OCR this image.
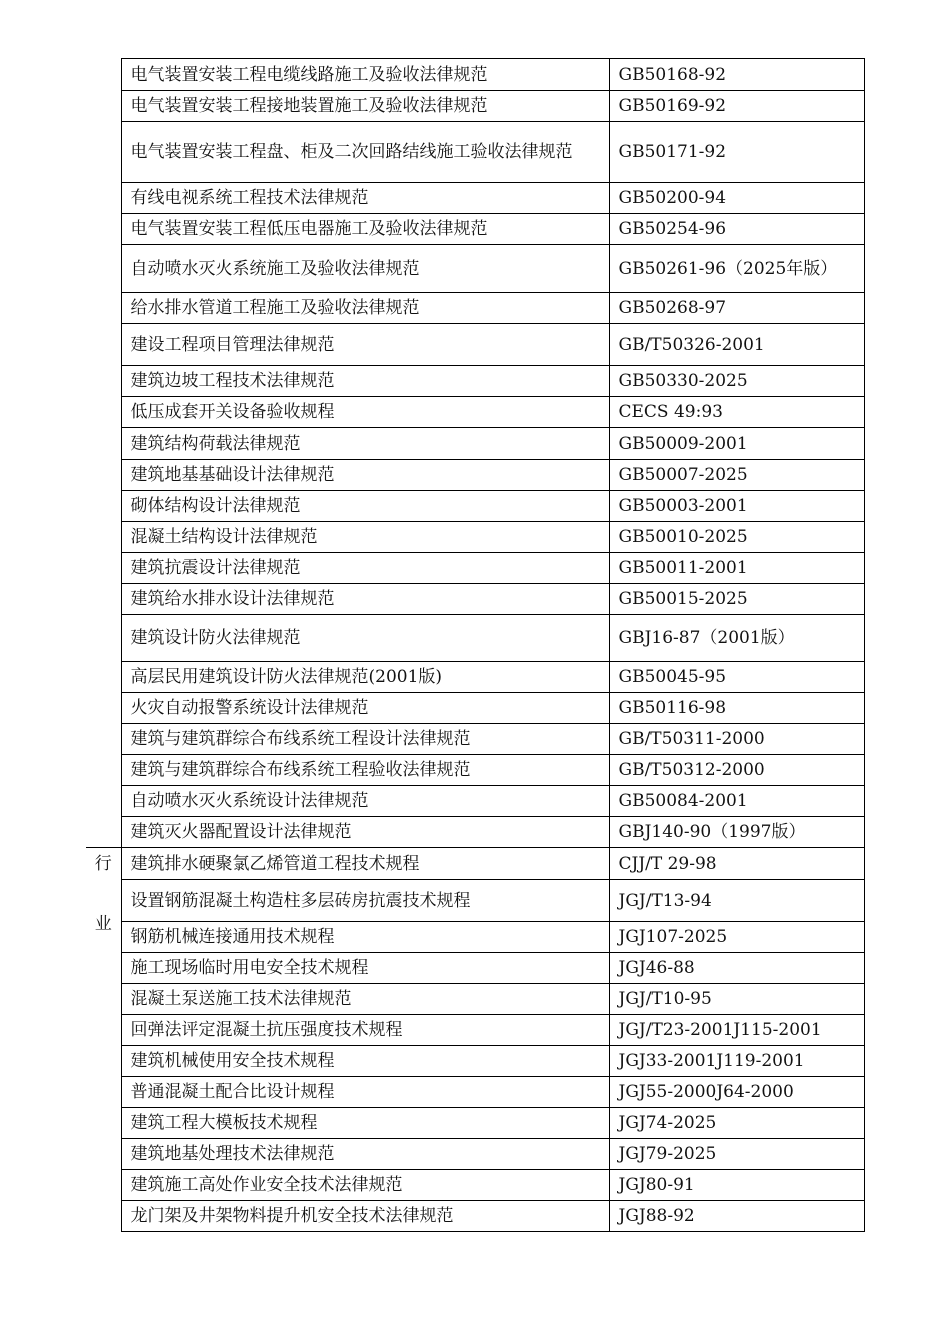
	电气装置安装工程电缆线路施工及验收法律规范	GB50168-92
	电气装置安装工程接地装置施工及验收法律规范	GB50169-92
	电气装置安装工程盘、柜及二次回路结线施工验收法律规范	GB50171-92
	有线电视系统工程技术法律规范	GB50200-94
	电气装置安装工程低压电器施工及验收法律规范	GB50254-96
	自动喷水灭火系统施工及验收法律规范	GB50261-96（2025年版）
	给水排水管道工程施工及验收法律规范	GB50268-97
	建设工程项目管理法律规范	GB/T50326-2001
	建筑边坡工程技术法律规范	GB50330-2025
	低压成套开关设备验收规程	CECS 49:93
	建筑结构荷载法律规范	GB50009-2001
	建筑地基基础设计法律规范	GB50007-2025
	砌体结构设计法律规范	GB50003-2001
	混凝土结构设计法律规范	GB50010-2025
	建筑抗震设计法律规范	GB50011-2001
	建筑给水排水设计法律规范	GB50015-2025
	建筑设计防火法律规范	GBJ16-87（2001版）
	高层民用建筑设计防火法律规范(2001版)	GB50045-95
	火灾自动报警系统设计法律规范	GB50116-98
	建筑与建筑群综合布线系统工程设计法律规范	GB/T50311-2000
	建筑与建筑群综合布线系统工程验收法律规范	GB/T50312-2000
	自动喷水灭火系统设计法律规范	GB50084-2001
	建筑灭火器配置设计法律规范	GBJ140-90（1997版）

行
业	建筑排水硬聚氯乙烯管道工程技术规程	CJJ/T 29-98
	设置钢筋混凝土构造柱多层砖房抗震技术规程	JGJ/T13-94
	钢筋机械连接通用技术规程	JGJ107-2025
	施工现场临时用电安全技术规程	JGJ46-88
	混凝土泵送施工技术法律规范	JGJ/T10-95
	回弹法评定混凝土抗压强度技术规程	JGJ/T23-2001J115-2001
	建筑机械使用安全技术规程	JGJ33-2001J119-2001
	普通混凝土配合比设计规程	JGJ55-2000J64-2000
	建筑工程大模板技术规程	JGJ74-2025
	建筑地基处理技术法律规范	JGJ79-2025
	建筑施工高处作业安全技术法律规范	JGJ80-91
	龙门架及井架物料提升机安全技术法律规范	JGJ88-92
